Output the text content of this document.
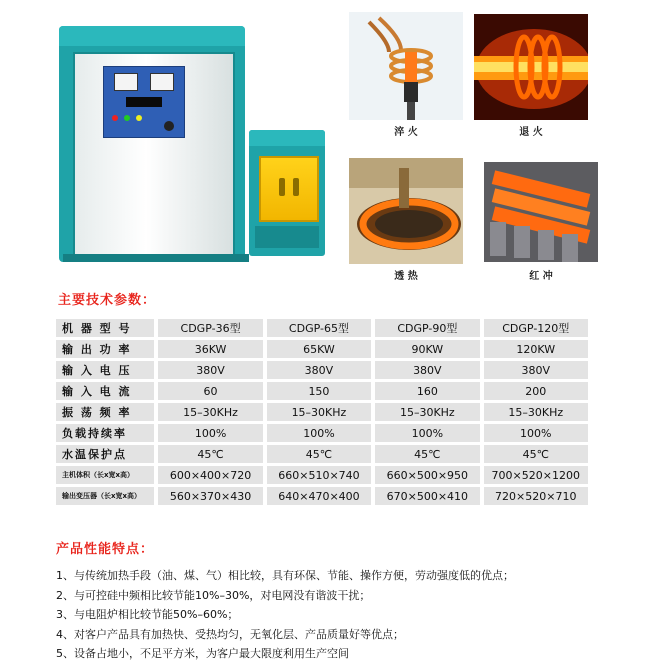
淬 火	退 火
透 热	红 冲
主要技术参数：
机 器 型 号		CDGP-36型		CDGP-65型		CDGP-90型		CDGP-120型
输 出 功 率		36KW		65KW		90KW		120KW
输 入 电 压		380V		380V		380V		380V
输 入 电 流		60		150		160		200
振 荡 频 率		15–30KHz		15–30KHz		15–30KHz		15–30KHz
负载持续率		100%		100%		100%		100%
水温保护点		45℃		45℃		45℃		45℃
主机体积（长x宽x高）		600×400×720		660×510×740		660×500×950		700×520×1200
输出变压器（长x宽x高）		560×370×430		640×470×400		670×500×410		720×520×710
产品性能特点：
1、与传统加热手段（油、煤、气）相比较，具有环保、节能、操作方便，劳动强度低的优点；
2、与可控硅中频相比较节能10%–30%，对电网没有谐波干扰；
3、与电阻炉相比较节能50%–60%；
4、对客户产品具有加热快、受热均匀，无氧化层、产品质量好等优点；
5、设备占地小，不足平方米，为客户最大限度利用生产空间
